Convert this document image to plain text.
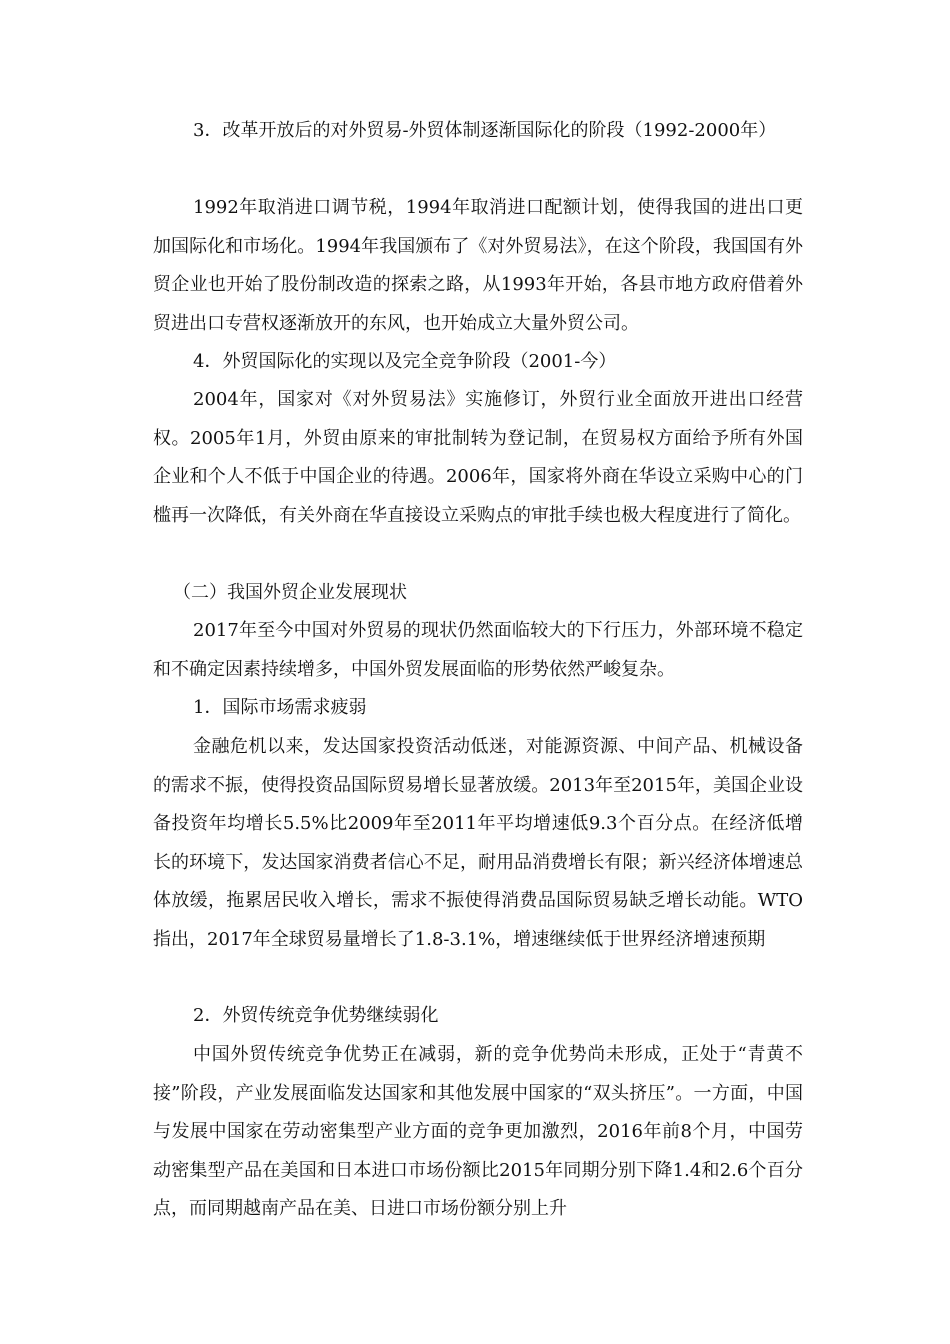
3．改革开放后的对外贸易-外贸体制逐渐国际化的阶段（1992-2000年）

1992年取消进口调节税，1994年取消进口配额计划，使得我国的进出口更加国际化和市场化。1994年我国颁布了《对外贸易法》，在这个阶段，我国国有外贸企业也开始了股份制改造的探索之路，从1993年开始，各县市地方政府借着外贸进出口专营权逐渐放开的东风，也开始成立大量外贸公司。

4．外贸国际化的实现以及完全竞争阶段（2001-今）

2004年，国家对《对外贸易法》实施修订，外贸行业全面放开进出口经营权。2005年1月，外贸由原来的审批制转为登记制，在贸易权方面给予所有外国企业和个人不低于中国企业的待遇。2006年，国家将外商在华设立采购中心的门槛再一次降低，有关外商在华直接设立采购点的审批手续也极大程度进行了简化。

（二）我国外贸企业发展现状

2017年至今中国对外贸易的现状仍然面临较大的下行压力，外部环境不稳定和不确定因素持续增多，中国外贸发展面临的形势依然严峻复杂。

1．国际市场需求疲弱

金融危机以来，发达国家投资活动低迷，对能源资源、中间产品、机械设备的需求不振，使得投资品国际贸易增长显著放缓。2013年至2015年，美国企业设备投资年均增长5.5%比2009年至2011年平均增速低9.3个百分点。在经济低增长的环境下，发达国家消费者信心不足，耐用品消费增长有限；新兴经济体增速总体放缓，拖累居民收入增长，需求不振使得消费品国际贸易缺乏增长动能。WTO指出，2017年全球贸易量增长了1.8-3.1%，增速继续低于世界经济增速预期

2．外贸传统竞争优势继续弱化

中国外贸传统竞争优势正在减弱，新的竞争优势尚未形成，正处于“青黄不接”阶段，产业发展面临发达国家和其他发展中国家的“双头挤压”。一方面，中国与发展中国家在劳动密集型产业方面的竞争更加激烈，2016年前8个月，中国劳动密集型产品在美国和日本进口市场份额比2015年同期分别下降1.4和2.6个百分点，而同期越南产品在美、日进口市场份额分别上升
